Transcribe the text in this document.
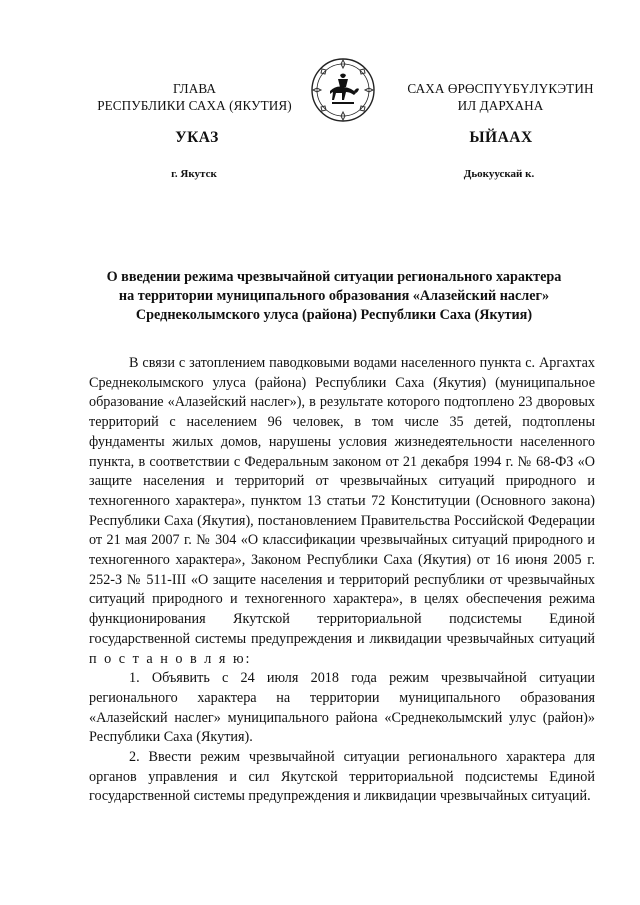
ГЛАВА
РЕСПУБЛИКИ САХА (ЯКУТИЯ)
САХА ӨРӨСПҮҮБҮЛҮКЭТИН
ИЛ ДАРХАНА
УКАЗ	ЫЙААХ
г. Якутск	Дьокуускай к.
О введении режима чрезвычайной ситуации регионального характера
на территории муниципального образования «Алазейский наслег»
Среднеколымского улуса (района) Республики Саха (Якутия)

В связи с затоплением паводковыми водами населенного пункта с. Аргахтах Среднеколымского улуса (района) Республики Саха (Якутия) (муниципальное образование «Алазейский наслег»), в результате которого подтоплено 23 дворовых территорий с населением 96 человек, в том числе 35 детей, подтоплены фундаменты жилых домов, нарушены условия жизнедеятельности населенного пункта, в соответствии с Федеральным законом от 21 декабря 1994 г. № 68-ФЗ «О защите населения и территорий от чрезвычайных ситуаций природного и техногенного характера», пунктом 13 статьи 72 Конституции (Основного закона) Республики Саха (Якутия), постановлением Правительства Российской Федерации от 21 мая 2007 г. № 304 «О классификации чрезвычайных ситуаций природного и техногенного характера», Законом Республики Саха (Якутия) от 16 июня 2005 г. 252-З № 511-III «О защите населения и территорий республики от чрезвычайных ситуаций природного и техногенного характера», в целях обеспечения режима функционирования Якутской территориальной подсистемы Единой государственной системы предупреждения и ликвидации чрезвычайных ситуаций п о с т а н о в л я ю:

1. Объявить с 24 июля 2018 года режим чрезвычайной ситуации регионального характера на территории муниципального образования «Алазейский наслег» муниципального района «Среднеколымский улус (район)» Республики Саха (Якутия).

2. Ввести режим чрезвычайной ситуации регионального характера для органов управления и сил Якутской территориальной подсистемы Единой государственной системы предупреждения и ликвидации чрезвычайных ситуаций.
